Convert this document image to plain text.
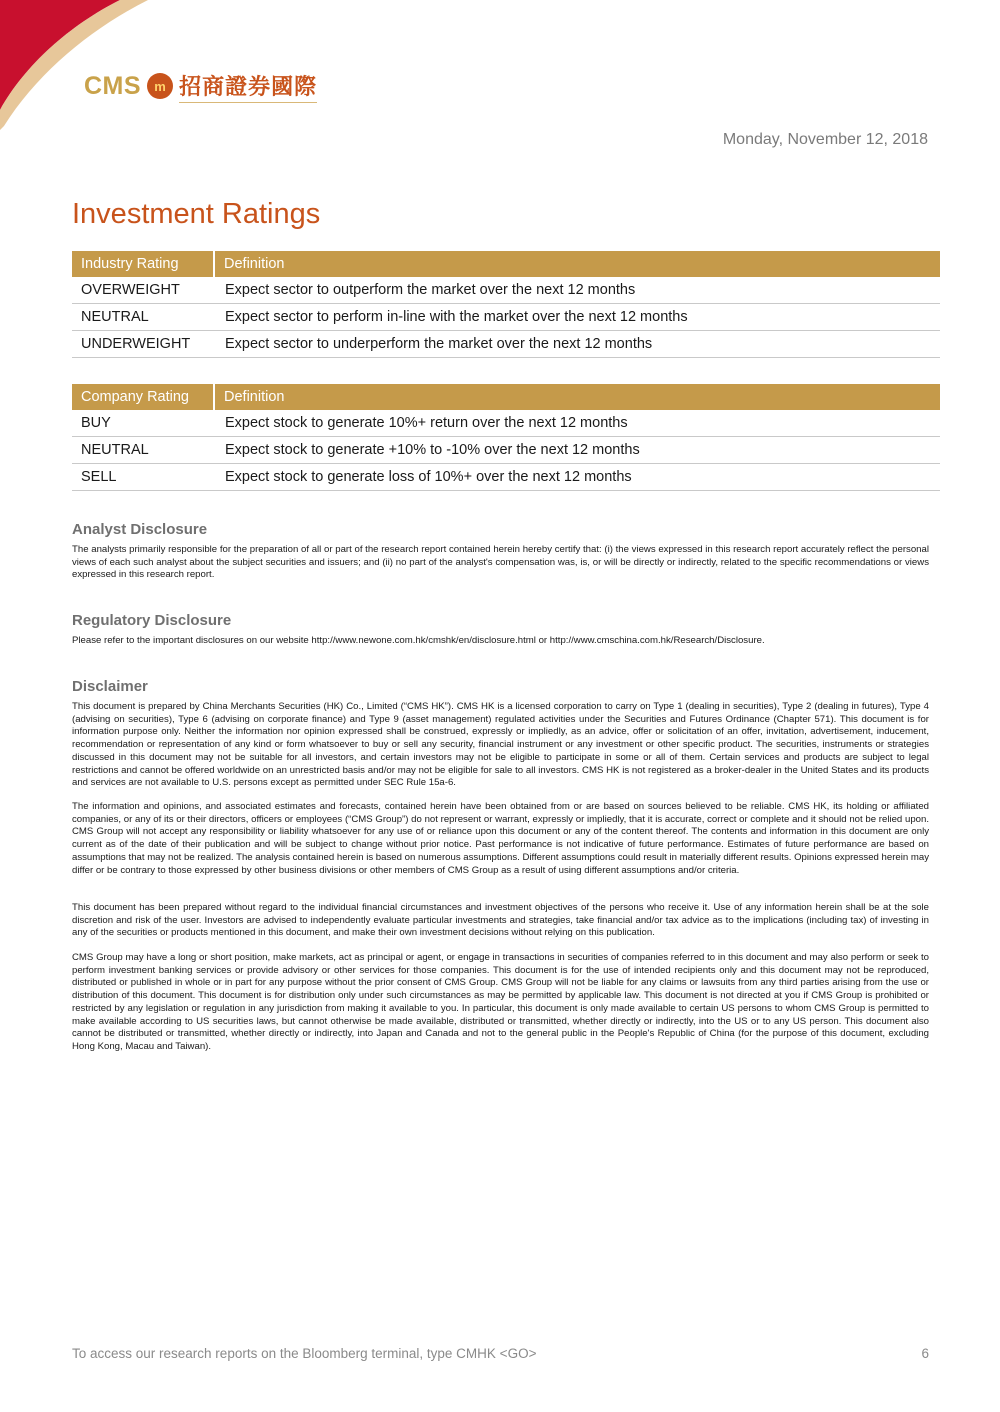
CMS	m 招商證券國際
Monday, November 12, 2018
Investment Ratings
Industry Rating	Definition
OVERWEIGHT	Expect sector to outperform the market over the next 12 months
NEUTRAL	Expect sector to perform in-line with the market over the next 12 months
UNDERWEIGHT	Expect sector to underperform the market over the next 12 months
Company Rating	Definition
BUY	Expect stock to generate 10%+ return over the next 12 months
NEUTRAL	Expect stock to generate +10% to -10% over the next 12 months
SELL	Expect stock to generate loss of 10%+ over the next 12 months
Analyst Disclosure

The analysts primarily responsible for the preparation of all or part of the research report contained herein hereby certify that: (i) the views expressed in this research report accurately reflect the personal views of each such analyst about the subject securities and issuers; and (ii) no part of the analyst's compensation was, is, or will be directly or indirectly, related to the specific recommendations or views expressed in this research report.

Regulatory Disclosure

Please refer to the important disclosures on our website http://www.newone.com.hk/cmshk/en/disclosure.html or http://www.cmschina.com.hk/Research/Disclosure.

Disclaimer

This document is prepared by China Merchants Securities (HK) Co., Limited (“CMS HK”). CMS HK is a licensed corporation to carry on Type 1 (dealing in securities), Type 2 (dealing in futures), Type 4 (advising on securities), Type 6 (advising on corporate finance) and Type 9 (asset management) regulated activities under the Securities and Futures Ordinance (Chapter 571). This document is for information purpose only. Neither the information nor opinion expressed shall be construed, expressly or impliedly, as an advice, offer or solicitation of an offer, invitation, advertisement, inducement, recommendation or representation of any kind or form whatsoever to buy or sell any security, financial instrument or any investment or other specific product. The securities, instruments or strategies discussed in this document may not be suitable for all investors, and certain investors may not be eligible to participate in some or all of them. Certain services and products are subject to legal restrictions and cannot be offered worldwide on an unrestricted basis and/or may not be eligible for sale to all investors. CMS HK is not registered as a broker-dealer in the United States and its products and services are not available to U.S. persons except as permitted under SEC Rule 15a-6.

The information and opinions, and associated estimates and forecasts, contained herein have been obtained from or are based on sources believed to be reliable. CMS HK, its holding or affiliated companies, or any of its or their directors, officers or employees (“CMS Group”) do not represent or warrant, expressly or impliedly, that it is accurate, correct or complete and it should not be relied upon. CMS Group will not accept any responsibility or liability whatsoever for any use of or reliance upon this document or any of the content thereof. The contents and information in this document are only current as of the date of their publication and will be subject to change without prior notice. Past performance is not indicative of future performance. Estimates of future performance are based on assumptions that may not be realized. The analysis contained herein is based on numerous assumptions. Different assumptions could result in materially different results. Opinions expressed herein may differ or be contrary to those expressed by other business divisions or other members of CMS Group as a result of using different assumptions and/or criteria.

This document has been prepared without regard to the individual financial circumstances and investment objectives of the persons who receive it. Use of any information herein shall be at the sole discretion and risk of the user. Investors are advised to independently evaluate particular investments and strategies, take financial and/or tax advice as to the implications (including tax) of investing in any of the securities or products mentioned in this document, and make their own investment decisions without relying on this publication.

CMS Group may have a long or short position, make markets, act as principal or agent, or engage in transactions in securities of companies referred to in this document and may also perform or seek to perform investment banking services or provide advisory or other services for those companies. This document is for the use of intended recipients only and this document may not be reproduced, distributed or published in whole or in part for any purpose without the prior consent of CMS Group. CMS Group will not be liable for any claims or lawsuits from any third parties arising from the use or distribution of this document. This document is for distribution only under such circumstances as may be permitted by applicable law. This document is not directed at you if CMS Group is prohibited or restricted by any legislation or regulation in any jurisdiction from making it available to you. In particular, this document is only made available to certain US persons to whom CMS Group is permitted to make available according to US securities laws, but cannot otherwise be made available, distributed or transmitted, whether directly or indirectly, into the US or to any US person. This document also cannot be distributed or transmitted, whether directly or indirectly, into Japan and Canada and not to the general public in the People's Republic of China (for the purpose of this document, excluding Hong Kong, Macau and Taiwan).

To access our research reports on the Bloomberg terminal, type CMHK <GO>	6
